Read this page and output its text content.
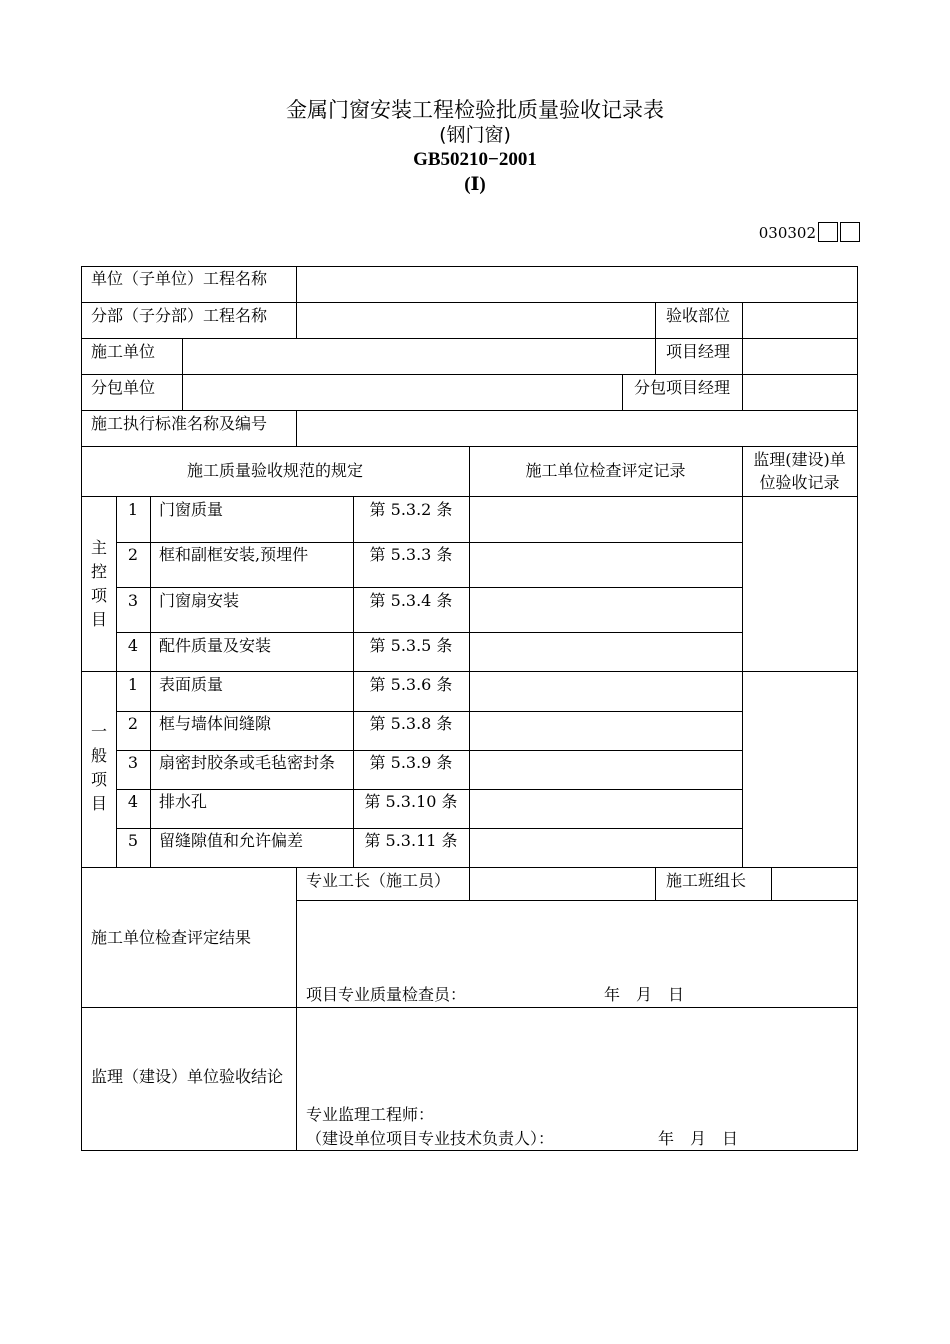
金属门窗安装工程检验批质量验收记录表
(钢门窗)
GB50210−2001
(Ⅰ)
030302
单位（子单位）工程名称
分部（子分部）工程名称	验收部位
施工单位	项目经理
分包单位	分包项目经理
施工执行标准名称及编号
施工质量验收规范的规定	施工单位检查评定记录
监理(建设)单
位验收记录
主
控
项
目
1	门窗质量	第 5.3.2 条
2	框和副框安装,预埋件	第 5.3.3 条
3	门窗扇安装	第 5.3.4 条
4	配件质量及安装	第 5.3.5 条
一
般
项
目
1	表面质量	第 5.3.6 条
2	框与墙体间缝隙	第 5.3.8 条
3	扇密封胶条或毛毡密封条	第 5.3.9 条
4	排水孔	第 5.3.10 条
5	留缝隙值和允许偏差	第 5.3.11 条
专业工长（施工员）	施工班组长
施工单位检查评定结果
项目专业质量检查员：	年　月　日
监理（建设）单位验收结论
专业监理工程师：
（建设单位项目专业技术负责人）：	年　月　日
